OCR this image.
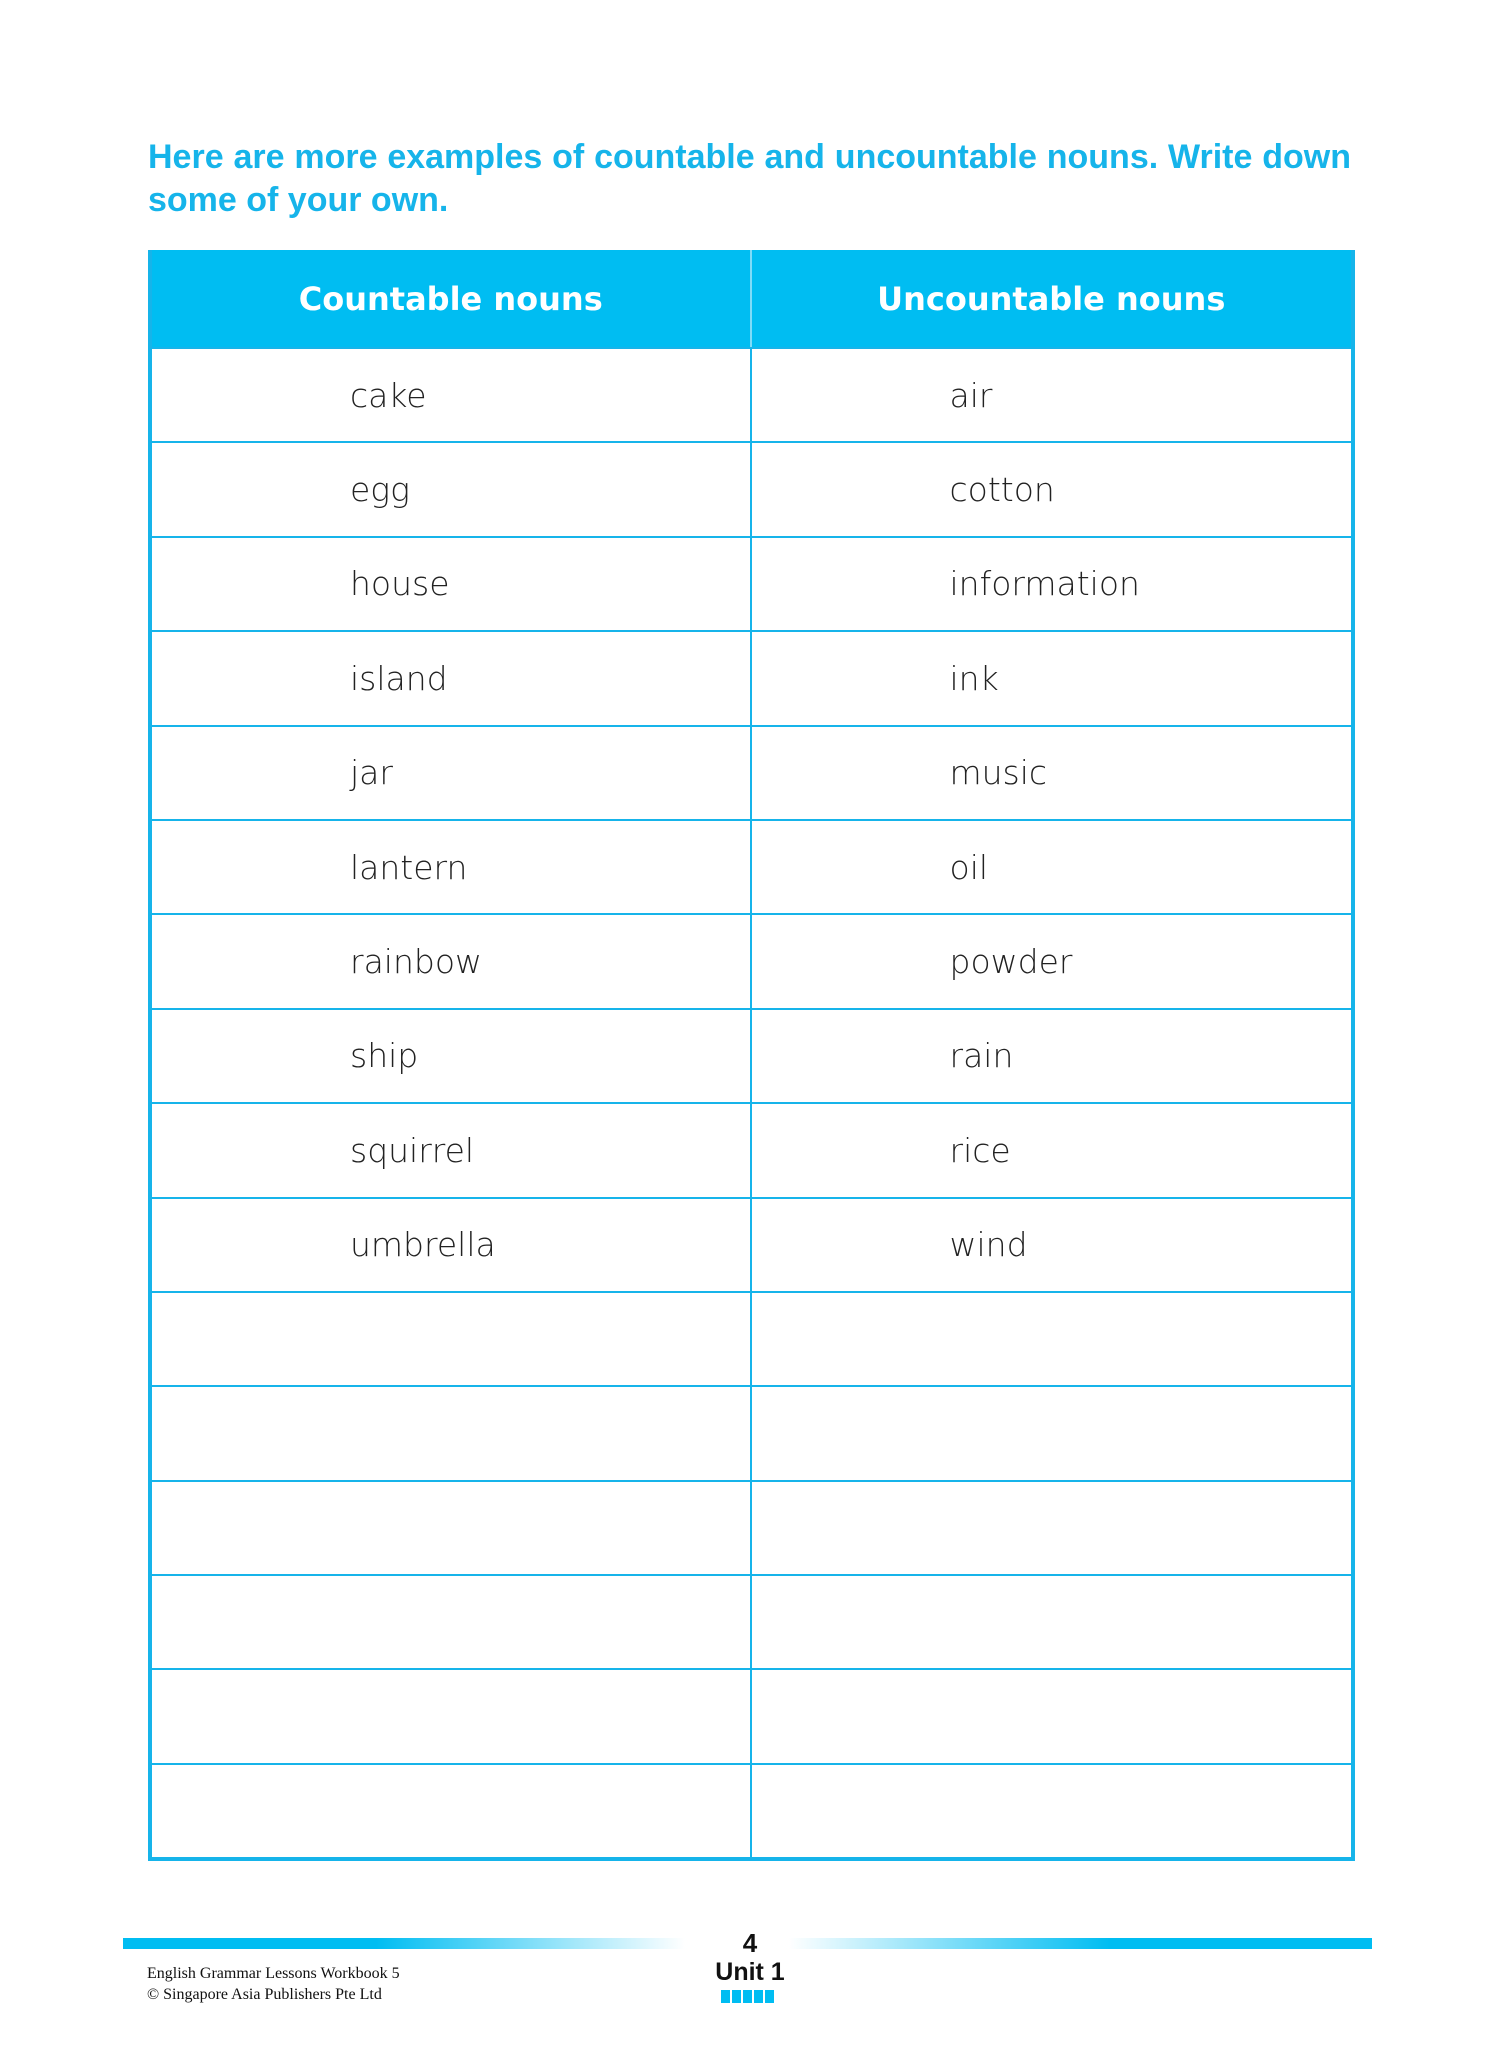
Here are more examples of countable and uncountable nouns. Write down some of your own.
Countable nouns	Uncountable nouns
cake	air
egg	cotton
house	information
island	ink
jar	music
lantern	oil
rainbow	powder
ship	rain
squirrel	rice
umbrella	wind
4
Unit 1
English Grammar Lessons Workbook 5
© Singapore Asia Publishers Pte Ltd
